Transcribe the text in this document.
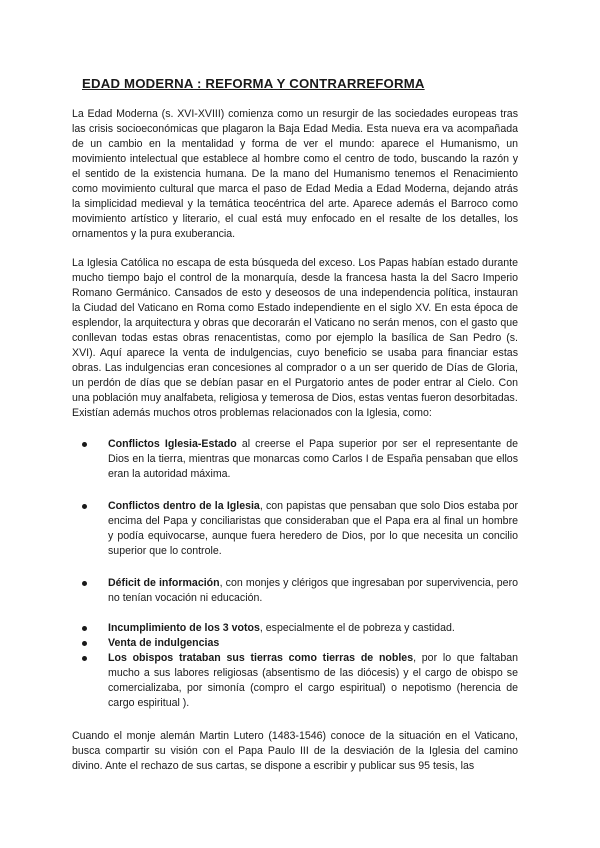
EDAD MODERNA : REFORMA Y CONTRARREFORMA

La Edad Moderna (s. XVI-XVIII) comienza como un resurgir de las sociedades europeas tras las crisis socioeconómicas que plagaron la Baja Edad Media. Esta nueva era va acompañada de un cambio en la mentalidad y forma de ver el mundo: aparece el Humanismo, un movimiento intelectual que establece al hombre como el centro de todo, buscando la razón y el sentido de la existencia humana. De la mano del Humanismo tenemos el Renacimiento como movimiento cultural que marca el paso de Edad Media a Edad Moderna, dejando atrás la simplicidad medieval y la temática teocéntrica del arte. Aparece además el Barroco como movimiento artístico y literario, el cual está muy enfocado en el resalte de los detalles, los ornamentos y la pura exuberancia.

La Iglesia Católica no escapa de esta búsqueda del exceso. Los Papas habían estado durante mucho tiempo bajo el control de la monarquía, desde la francesa hasta la del Sacro Imperio Romano Germánico. Cansados de esto y deseosos de una independencia política, instauran la Ciudad del Vaticano en Roma como Estado independiente en el siglo XV. En esta época de esplendor, la arquitectura y obras que decorarán el Vaticano no serán menos, con el gasto que conllevan todas estas obras renacentistas, como por ejemplo la basílica de San Pedro (s. XVI). Aquí aparece la venta de indulgencias, cuyo beneficio se usaba para financiar estas obras. Las indulgencias eran concesiones al comprador o a un ser querido de Días de Gloria, un perdón de días que se debían pasar en el Purgatorio antes de poder entrar al Cielo. Con una población muy analfabeta, religiosa y temerosa de Dios, estas ventas fueron desorbitadas.

Existían además muchos otros problemas relacionados con la Iglesia, como:

Conflictos Iglesia-Estado al creerse el Papa superior por ser el representante de Dios en la tierra, mientras que monarcas como Carlos I de España pensaban que ellos eran la autoridad máxima.
Conflictos dentro de la Iglesia, con papistas que pensaban que solo Dios estaba por encima del Papa y conciliaristas que consideraban que el Papa era al final un hombre y podía equivocarse, aunque fuera heredero de Dios, por lo que necesita un concilio superior que lo controle.
Déficit de información, con monjes y clérigos que ingresaban por supervivencia, pero no tenían vocación ni educación.
Incumplimiento de los 3 votos, especialmente el de pobreza y castidad.
Venta de indulgencias
Los obispos trataban sus tierras como tierras de nobles, por lo que faltaban mucho a sus labores religiosas (absentismo de las diócesis) y el cargo de obispo se comercializaba, por simonía (compro el cargo espiritual) o nepotismo (herencia de cargo espiritual ).

Cuando el monje alemán Martin Lutero (1483-1546) conoce de la situación en el Vaticano, busca compartir su visión con el Papa Paulo III de la desviación de la Iglesia del camino divino. Ante el rechazo de sus cartas, se dispone a escribir y publicar sus 95 tesis, las
